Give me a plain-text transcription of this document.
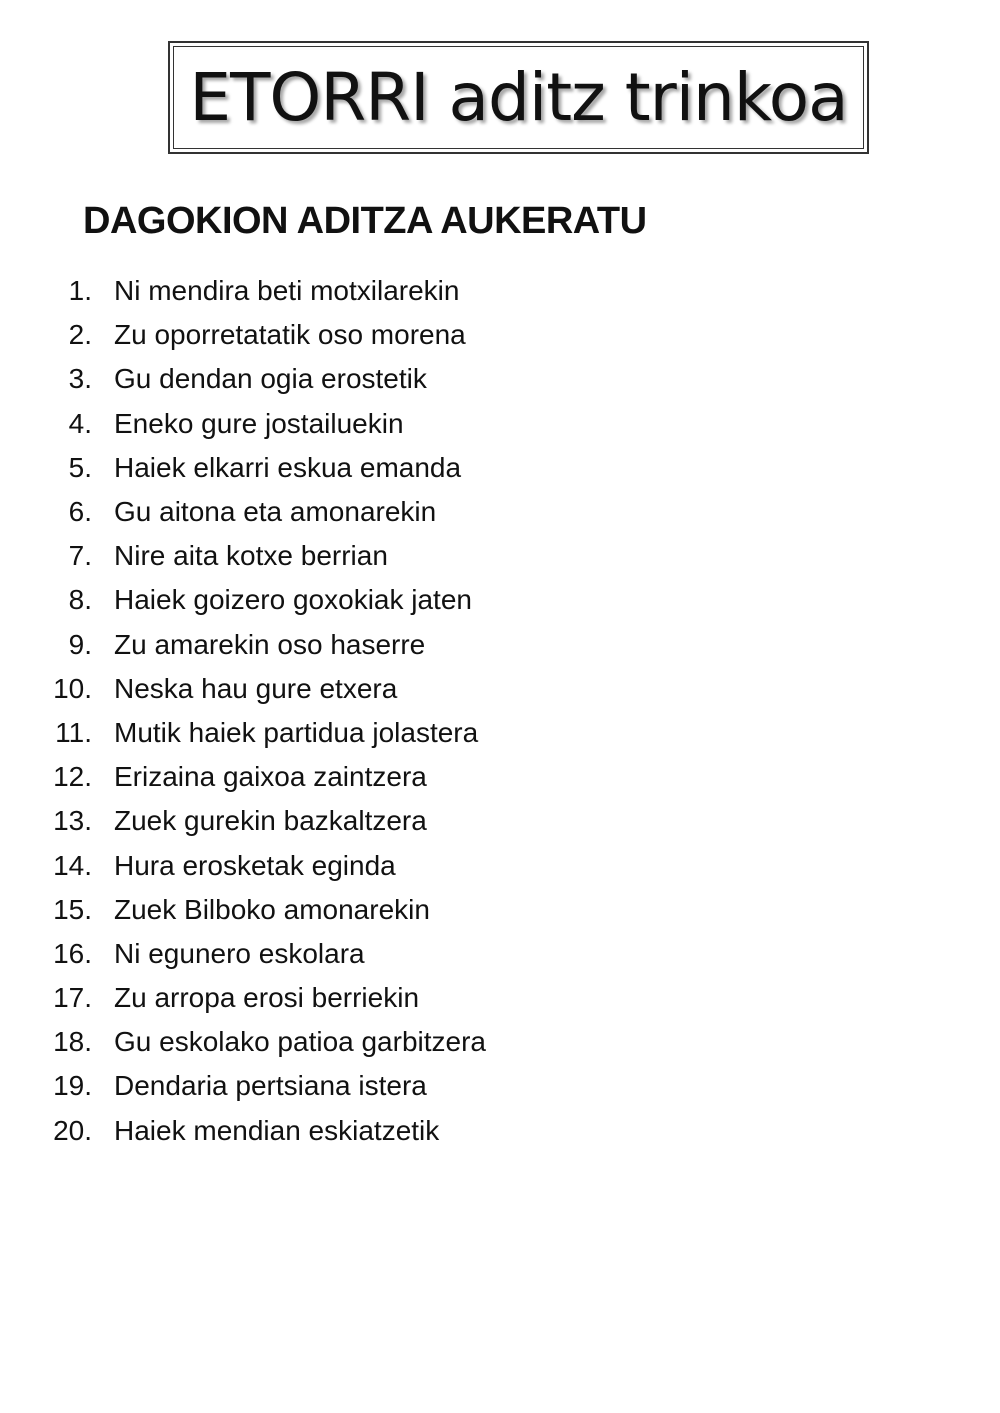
ETORRI aditz trinkoa
DAGOKION ADITZA AUKERATU
1. Ni mendira beti motxilarekin
2. Zu oporretatatik oso morena
3. Gu dendan ogia erostetik
4. Eneko gure jostailuekin
5. Haiek elkarri eskua emanda
6. Gu aitona eta amonarekin
7. Nire aita kotxe berrian
8. Haiek goizero goxokiak jaten
9. Zu amarekin oso haserre
10. Neska hau gure etxera
11. Mutik haiek partidua jolastera
12. Erizaina gaixoa zaintzera
13. Zuek gurekin bazkaltzera
14. Hura erosketak eginda
15. Zuek Bilboko amonarekin
16. Ni egunero eskolara
17. Zu arropa erosi berriekin
18. Gu eskolako patioa garbitzera
19. Dendaria pertsiana istera
20. Haiek mendian eskiatzetik
